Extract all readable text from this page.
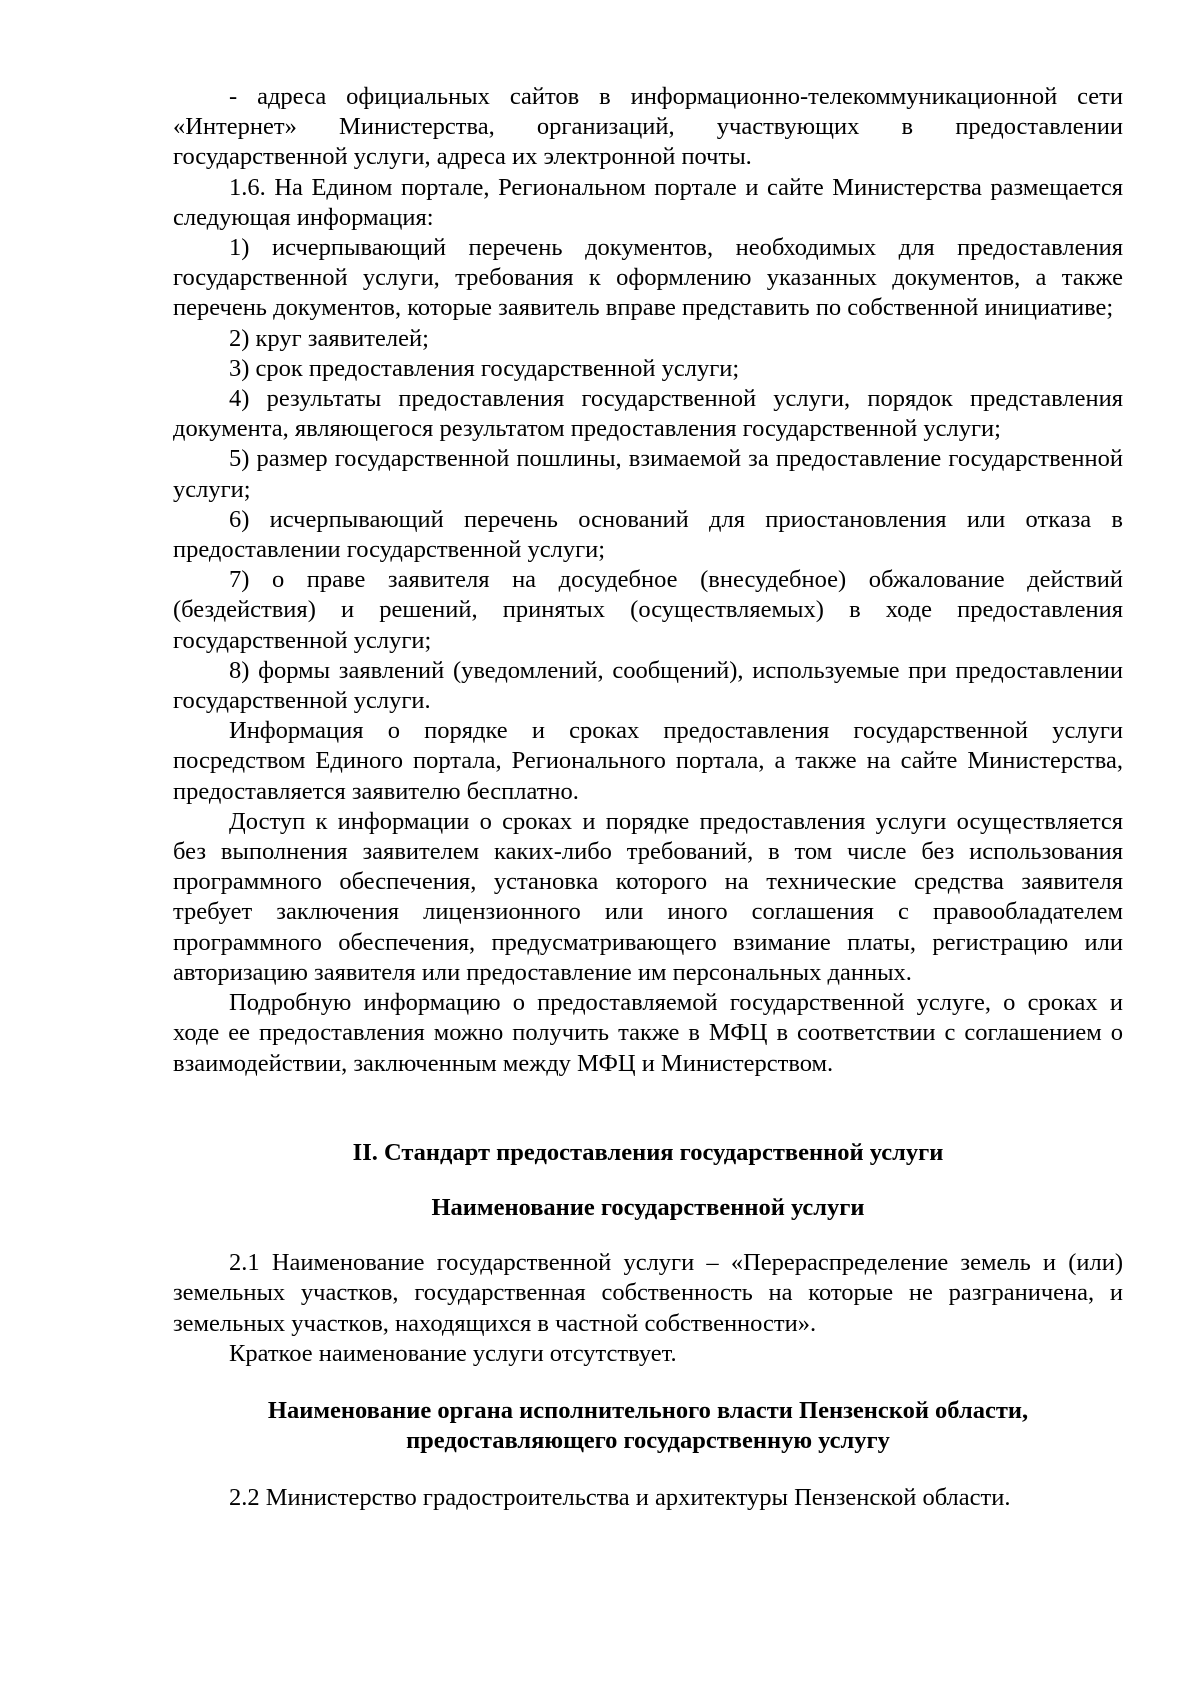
- адреса официальных сайтов в информационно-телекоммуникационной сети «Интернет» Министерства, организаций, участвующих в предоставлении государственной услуги, адреса их электронной почты.

1.6. На Едином портале, Региональном портале и сайте Министерства размещается следующая информация:

1) исчерпывающий перечень документов, необходимых для предоставления государственной услуги, требования к оформлению указанных документов, а также перечень документов, которые заявитель вправе представить по собственной инициативе;

2) круг заявителей;

3) срок предоставления государственной услуги;

4) результаты предоставления государственной услуги, порядок представления документа, являющегося результатом предоставления государственной услуги;

5) размер государственной пошлины, взимаемой за предоставление государственной услуги;

6) исчерпывающий перечень оснований для приостановления или отказа в предоставлении государственной услуги;

7) о праве заявителя на досудебное (внесудебное) обжалование действий (бездействия) и решений, принятых (осуществляемых) в ходе предоставления государственной услуги;

8) формы заявлений (уведомлений, сообщений), используемые при предоставлении государственной услуги.

Информация о порядке и сроках предоставления государственной услуги посредством Единого портала, Регионального портала, а также на сайте Министерства, предоставляется заявителю бесплатно.

Доступ к информации о сроках и порядке предоставления услуги осуществляется без выполнения заявителем каких-либо требований, в том числе без использования программного обеспечения, установка которого на технические средства заявителя требует заключения лицензионного или иного соглашения с правообладателем программного обеспечения, предусматривающего взимание платы, регистрацию или авторизацию заявителя или предоставление им персональных данных.

Подробную информацию о предоставляемой государственной услуге, о сроках и ходе ее предоставления можно получить также в МФЦ в соответствии с соглашением о взаимодействии, заключенным между МФЦ и Министерством.

II. Стандарт предоставления государственной услуги

Наименование государственной услуги

2.1 Наименование государственной услуги – «Перераспределение земель и (или) земельных участков, государственная собственность на которые не разграничена, и земельных участков, находящихся в частной собственности».

Краткое наименование услуги отсутствует.

Наименование органа исполнительного власти Пензенской области,
предоставляющего государственную услугу

2.2 Министерство градостроительства и архитектуры Пензенской области.
